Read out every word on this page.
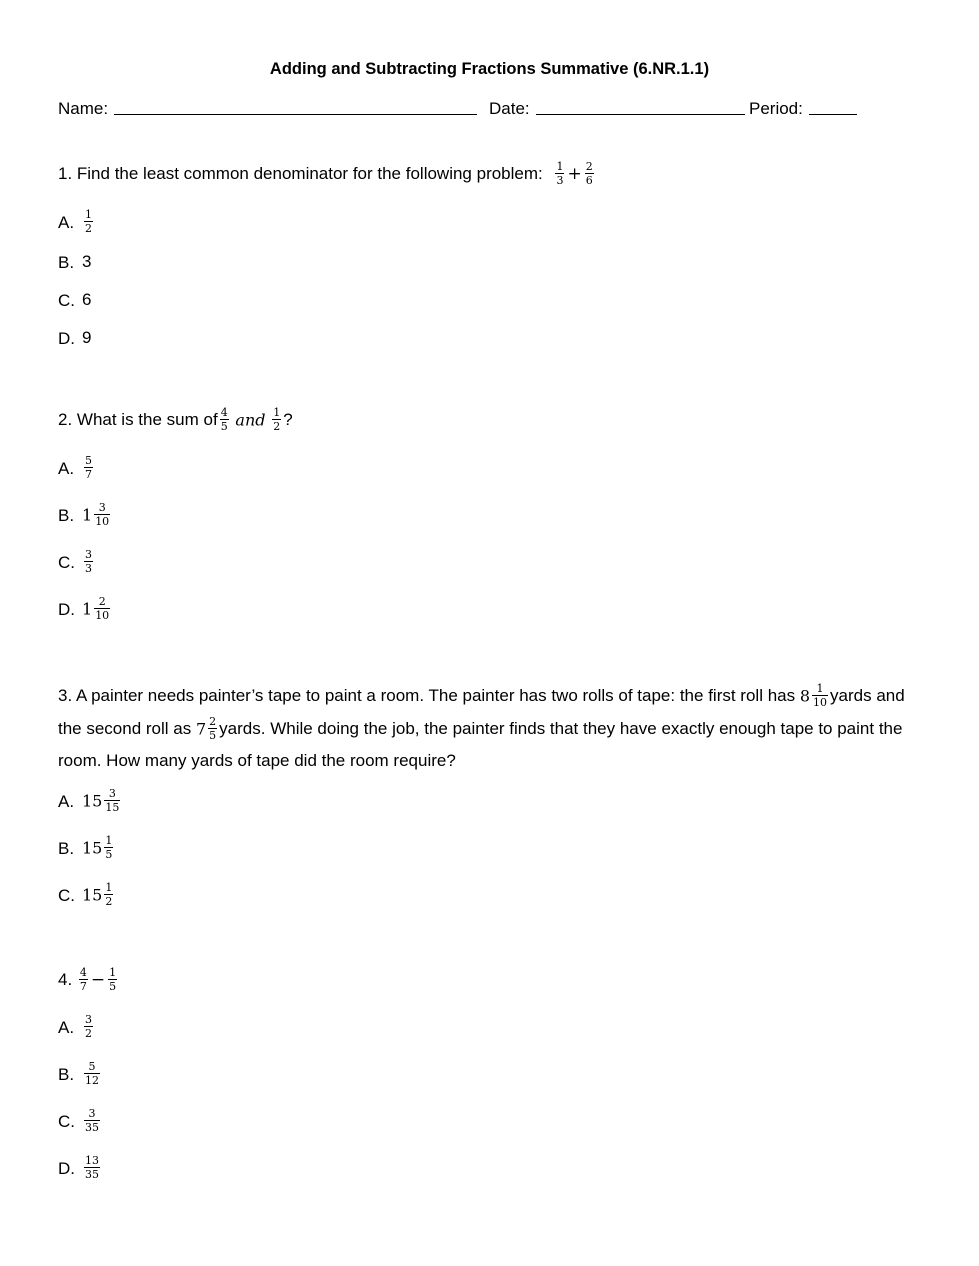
Adding and Subtracting Fractions Summative (6.NR.1.1)
Name:	Date:	Period:
1. Find the least common denominator for the following problem: $\frac{1}{3} + \frac{2}{6}$
A. $\frac{1}{2}$
B. 3
C. 6
D. 9
2. What is the sum of $\frac{4}{5}$ and $\frac{1}{2}$ ?
A. $\frac{5}{7}$
B. $1 \frac{3}{10}$
C. $\frac{3}{3}$
D. $1 \frac{2}{10}$
3. A painter needs painter’s tape to paint a room. The painter has two rolls of tape: the first roll has $8 \frac{1}{10}$ yards and the second roll as $7 \frac{2}{5}$ yards. While doing the job, the painter finds that they have exactly enough tape to paint the room. How many yards of tape did the room require?
A. $15 \frac{3}{15}$
B. $15 \frac{1}{5}$
C. $15 \frac{1}{2}$
4. $\frac{4}{7} - \frac{1}{5}$
A. $\frac{3}{2}$
B. $\frac{5}{12}$
C. $\frac{3}{35}$
D. $\frac{13}{35}$
